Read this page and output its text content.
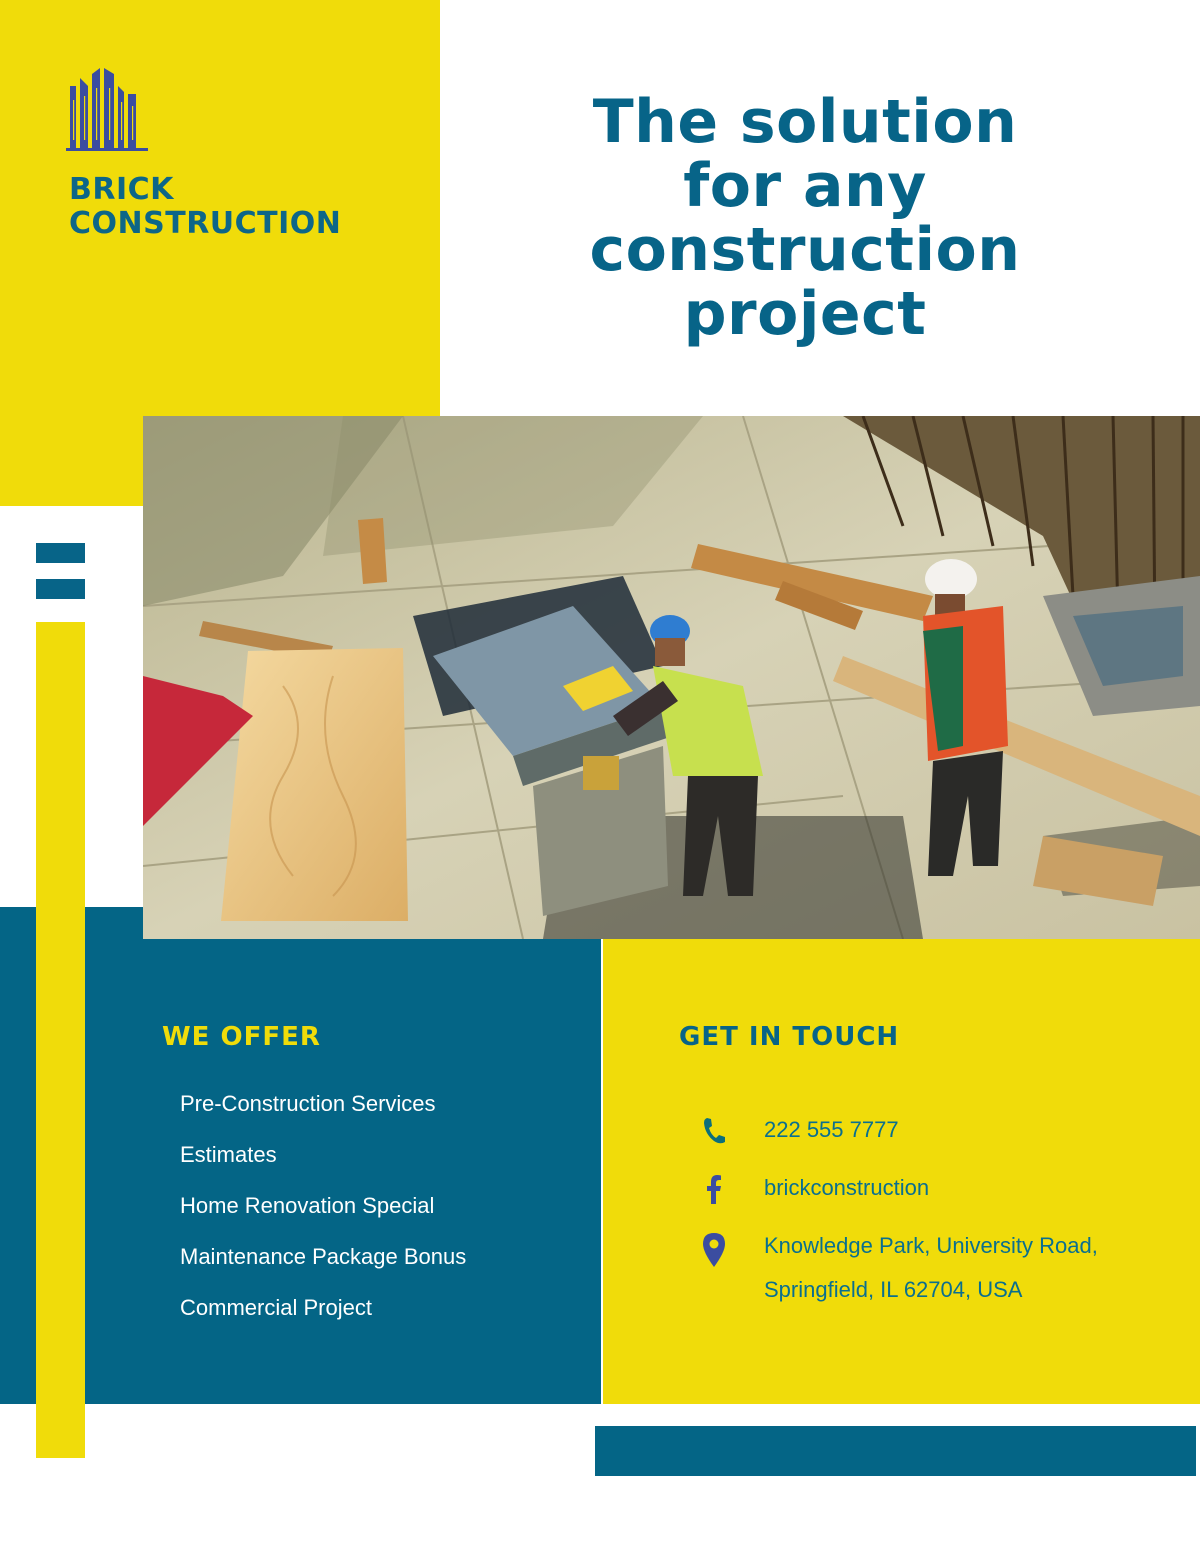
BRICK
CONSTRUCTION
The solution
for any
construction
project
WE OFFER
Pre-Construction Services
Estimates
Home Renovation Special
Maintenance Package Bonus
Commercial Project
GET IN TOUCH
222 555 7777
brickconstruction
Knowledge Park, University Road,
Springfield, IL 62704, USA
